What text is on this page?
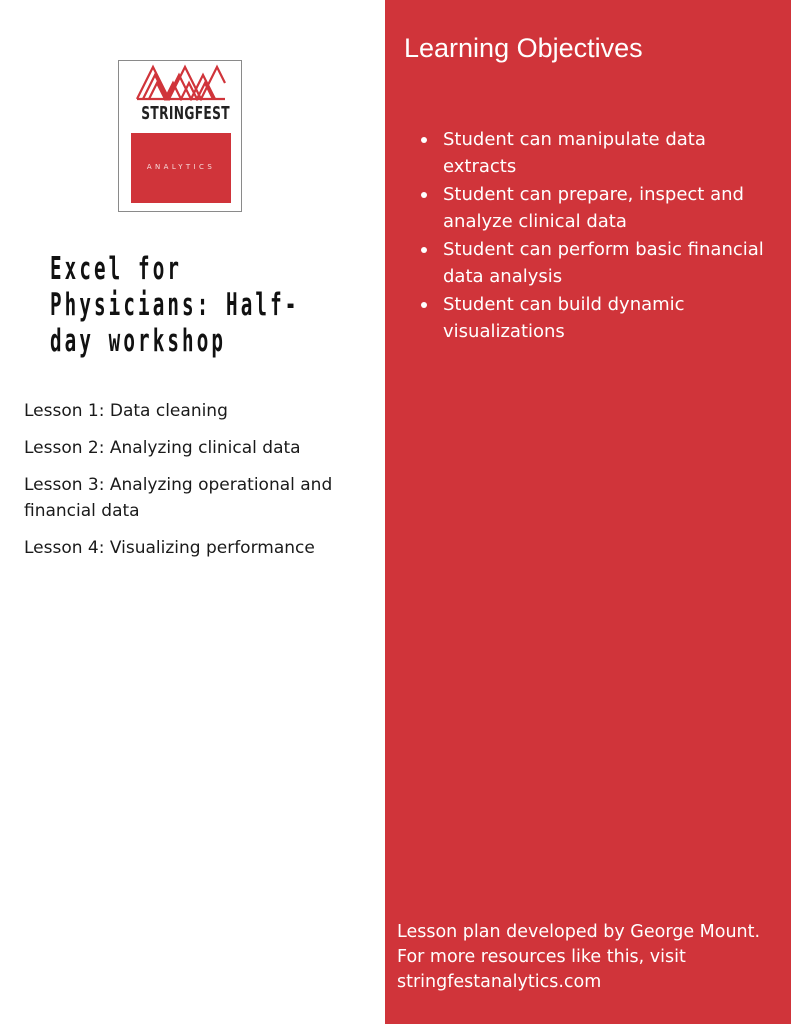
STRINGFEST
ANALYTICS
Excel for
Physicians: Half-
day workshop
Lesson 1: Data cleaning
Lesson 2: Analyzing clinical data
Lesson 3: Analyzing operational and financial data
Lesson 4: Visualizing performance
Learning Objectives
Student can manipulate data extracts
Student can prepare, inspect and analyze clinical data
Student can perform basic financial data analysis
Student can build dynamic visualizations

Lesson plan developed by George Mount. For more resources like this, visit stringfestanalytics.com
